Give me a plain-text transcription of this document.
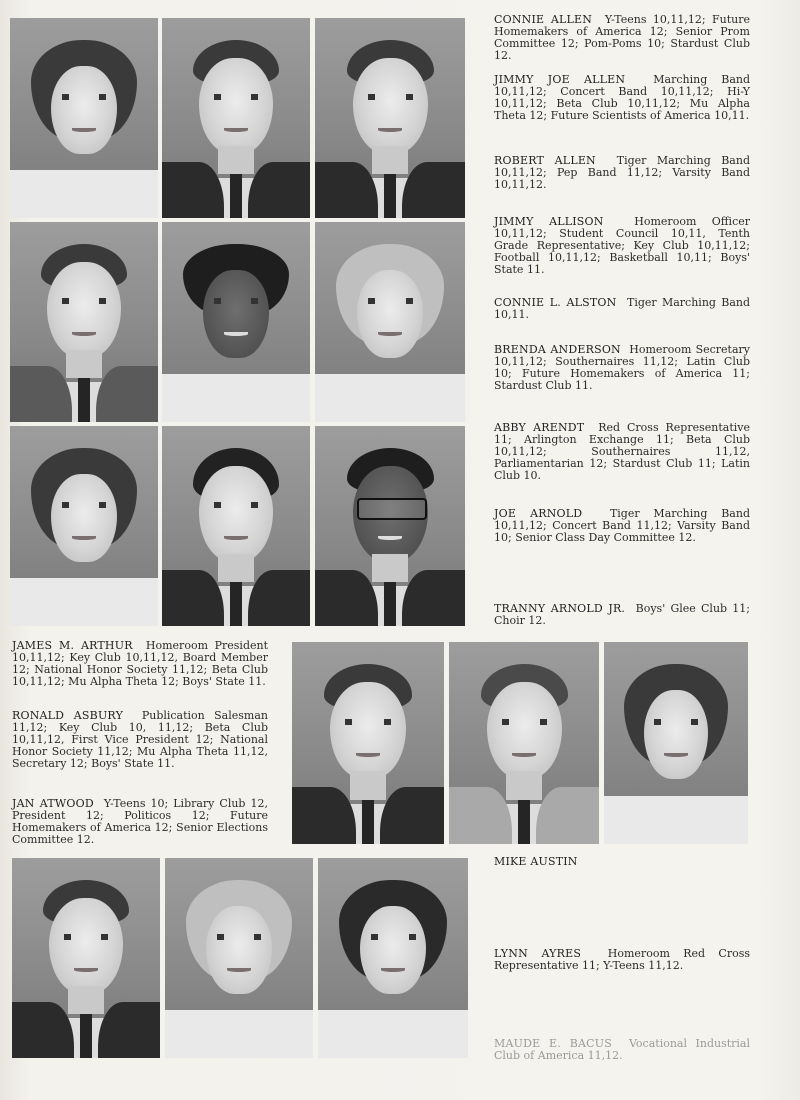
CONNIE ALLEN Y-Teens 10,11,12; Future Homemakers of America 12; Senior Prom Committee 12; Pom-Poms 10; Stardust Club 12.

JIMMY JOE ALLEN	Marching Band 10,11,12; Concert Band 10,11,12; Hi-Y 10,11,12; Beta Club 10,11,12; Mu Alpha Theta 12; Future Scientists of America 10,11.

ROBERT ALLEN Tiger Marching Band 10,11,12; Pep Band 11,12; Varsity Band 10,11,12.

JIMMY ALLISON	Homeroom Officer 10,11,12; Student Council 10,11, Tenth Grade Representative; Key Club 10,11,12; Football 10,11,12; Basketball 10,11; Boys' State 11.

CONNIE L. ALSTON Tiger Marching Band 10,11.

BRENDA ANDERSON Homeroom Secretary 10,11,12; Southernaires 11,12; Latin Club 10; Future Homemakers of America 11; Stardust Club 11.

ABBY ARENDT Red Cross Representative 11; Arlington Exchange 11; Beta Club 10,11,12; Southernaires 11,12, Parliamentarian 12; Stardust Club 11; Latin Club 10.

JOE ARNOLD	Tiger Marching Band 10,11,12; Concert Band 11,12; Varsity Band 10; Senior Class Day Committee 12.

TRANNY ARNOLD JR. Boys' Glee Club 11; Choir 12.

JAMES M. ARTHUR Homeroom President 10,11,12; Key Club 10,11,12, Board Member 12; National Honor Society 11,12; Beta Club 10,11,12; Mu Alpha Theta 12; Boys' State 11.

RONALD ASBURY Publication Salesman 11,12; Key Club 10, 11,12; Beta Club 10,11,12, First Vice President 12; National Honor Society 11,12; Mu Alpha Theta 11,12, Secretary 12; Boys' State 11.

JAN ATWOOD Y-Teens 10; Library Club 12, President 12; Politicos 12; Future Homemakers of America 12; Senior Elections Committee 12.

MIKE AUSTIN

LYNN AYRES Homeroom Red Cross Representative 11; Y-Teens 11,12.

MAUDE E. BACUS Vocational Industrial Club of America 11,12.
